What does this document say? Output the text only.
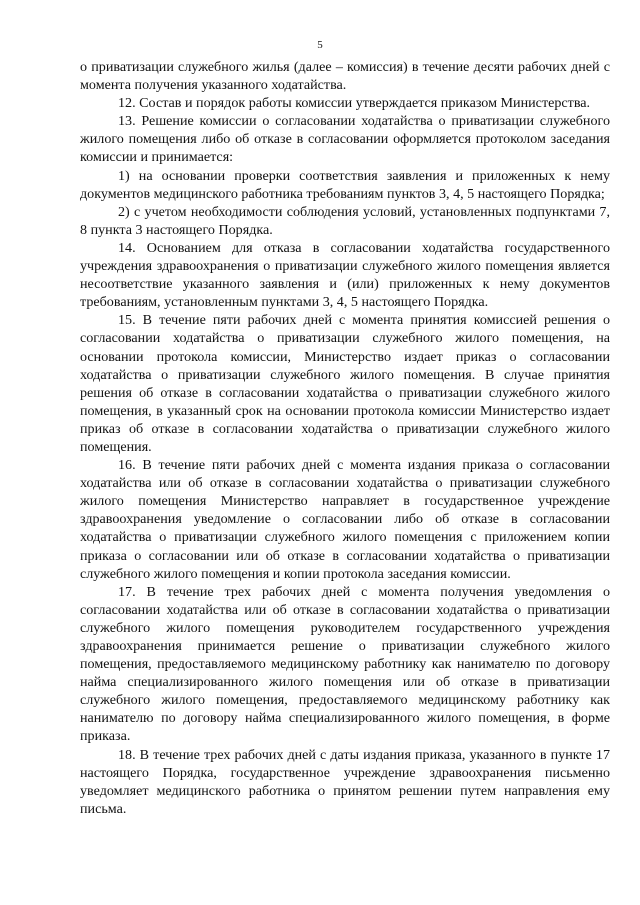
5

о приватизации служебного жилья (далее – комиссия) в течение десяти рабочих дней с момента получения указанного ходатайства.

12. Состав и порядок работы комиссии утверждается приказом Министерства.

13. Решение комиссии о согласовании ходатайства о приватизации служебного жилого помещения либо об отказе в согласовании оформляется протоколом заседания комиссии и принимается:

1) на основании проверки соответствия заявления и приложенных к нему документов медицинского работника требованиям пунктов 3, 4, 5 настоящего Порядка;

2) с учетом необходимости соблюдения условий, установленных подпунктами 7, 8 пункта 3 настоящего Порядка.

14. Основанием для отказа в согласовании ходатайства государственного учреждения здравоохранения о приватизации служебного жилого помещения является несоответствие указанного заявления и (или) приложенных к нему документов требованиям, установленным пунктами 3, 4, 5 настоящего Порядка.

15. В течение пяти рабочих дней с момента принятия комиссией решения о согласовании ходатайства о приватизации служебного жилого помещения, на основании протокола комиссии, Министерство издает приказ о согласовании ходатайства о приватизации служебного жилого помещения. В случае принятия решения об отказе в согласовании ходатайства о приватизации служебного жилого помещения, в указанный срок на основании протокола комиссии Министерство издает приказ об отказе в согласовании ходатайства о приватизации служебного жилого помещения.

16. В течение пяти рабочих дней с момента издания приказа о согласовании ходатайства или об отказе в согласовании ходатайства о приватизации служебного жилого помещения Министерство направляет в государственное учреждение здравоохранения уведомление о согласовании либо об отказе в согласовании ходатайства о приватизации служебного жилого помещения с приложением копии приказа о согласовании или об отказе в согласовании ходатайства о приватизации служебного жилого помещения и копии протокола заседания комиссии.

17. В течение трех рабочих дней с момента получения уведомления о согласовании ходатайства или об отказе в согласовании ходатайства о приватизации служебного жилого помещения руководителем государственного учреждения здравоохранения принимается решение о приватизации служебного жилого помещения, предоставляемого медицинскому работнику как нанимателю по договору найма специализированного жилого помещения или об отказе в приватизации служебного жилого помещения, предоставляемого медицинскому работнику как нанимателю по договору найма специализированного жилого помещения, в форме приказа.

18. В течение трех рабочих дней с даты издания приказа, указанного в пункте 17 настоящего Порядка, государственное учреждение здравоохранения письменно уведомляет медицинского работника о принятом решении путем направления ему письма.
